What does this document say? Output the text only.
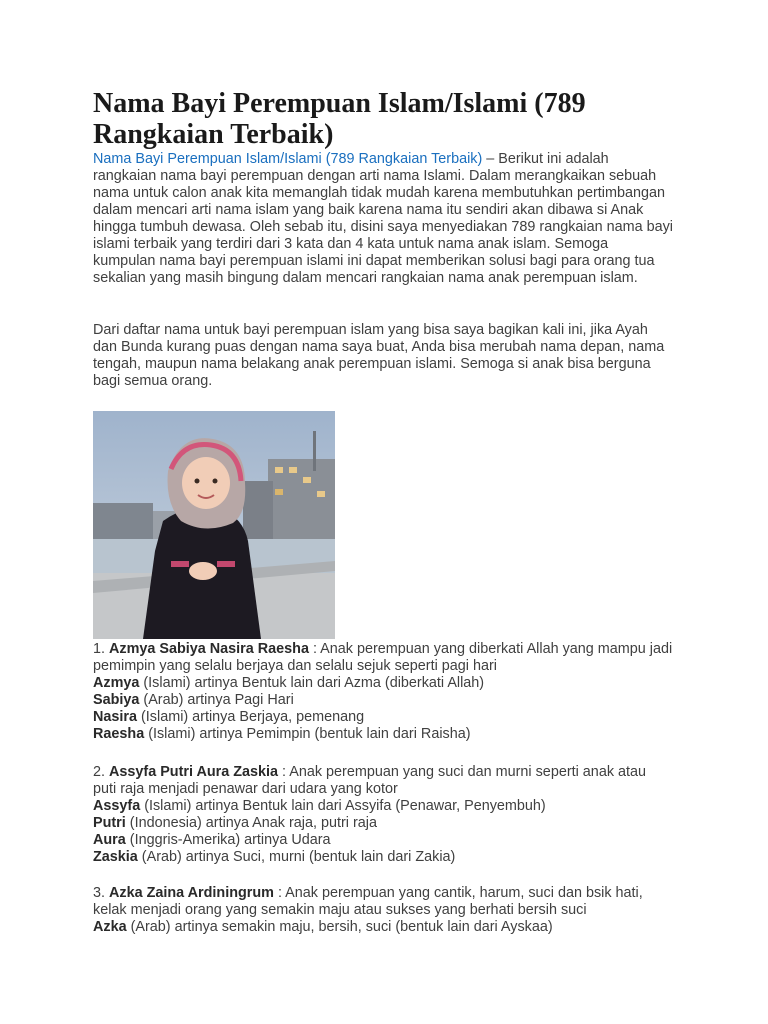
Nama Bayi Perempuan Islam/Islami (789 Rangkaian Terbaik)

Nama Bayi Perempuan Islam/Islami (789 Rangkaian Terbaik) – Berikut ini adalah rangkaian nama bayi perempuan dengan arti nama Islami. Dalam merangkaikan sebuah nama untuk calon anak kita memanglah tidak mudah karena membutuhkan pertimbangan dalam mencari arti nama islam yang baik karena nama itu sendiri akan dibawa si Anak hingga tumbuh dewasa. Oleh sebab itu, disini saya menyediakan 789 rangkaian nama bayi islami terbaik yang terdiri dari 3 kata dan 4 kata untuk nama anak islam. Semoga kumpulan nama bayi perempuan islami ini dapat memberikan solusi bagi para orang tua sekalian yang masih bingung dalam mencari rangkaian nama anak perempuan islam.

Dari daftar nama untuk bayi perempuan islam yang bisa saya bagikan kali ini, jika Ayah dan Bunda kurang puas dengan nama saya buat, Anda bisa merubah nama depan, nama tengah, maupun nama belakang anak perempuan islami. Semoga si anak bisa berguna bagi semua orang.

1. Azmya Sabiya Nasira Raesha : Anak perempuan yang diberkati Allah yang mampu jadi pemimpin yang selalu berjaya dan selalu sejuk seperti pagi hari
Azmya (Islami) artinya Bentuk lain dari Azma (diberkati Allah)
Sabiya (Arab) artinya Pagi Hari
Nasira (Islami) artinya Berjaya, pemenang
Raesha (Islami) artinya Pemimpin (bentuk lain dari Raisha)
2. Assyfa Putri Aura Zaskia : Anak perempuan yang suci dan murni seperti anak atau puti raja menjadi penawar dari udara yang kotor
Assyfa (Islami) artinya Bentuk lain dari Assyifa (Penawar, Penyembuh)
Putri (Indonesia) artinya Anak raja, putri raja
Aura (Inggris-Amerika) artinya Udara
Zaskia (Arab) artinya Suci, murni (bentuk lain dari Zakia)
3. Azka Zaina Ardiningrum : Anak perempuan yang cantik, harum, suci dan bsik hati, kelak menjadi orang yang semakin maju atau sukses yang berhati bersih suci
Azka (Arab) artinya semakin maju, bersih, suci (bentuk lain dari Ayskaa)
